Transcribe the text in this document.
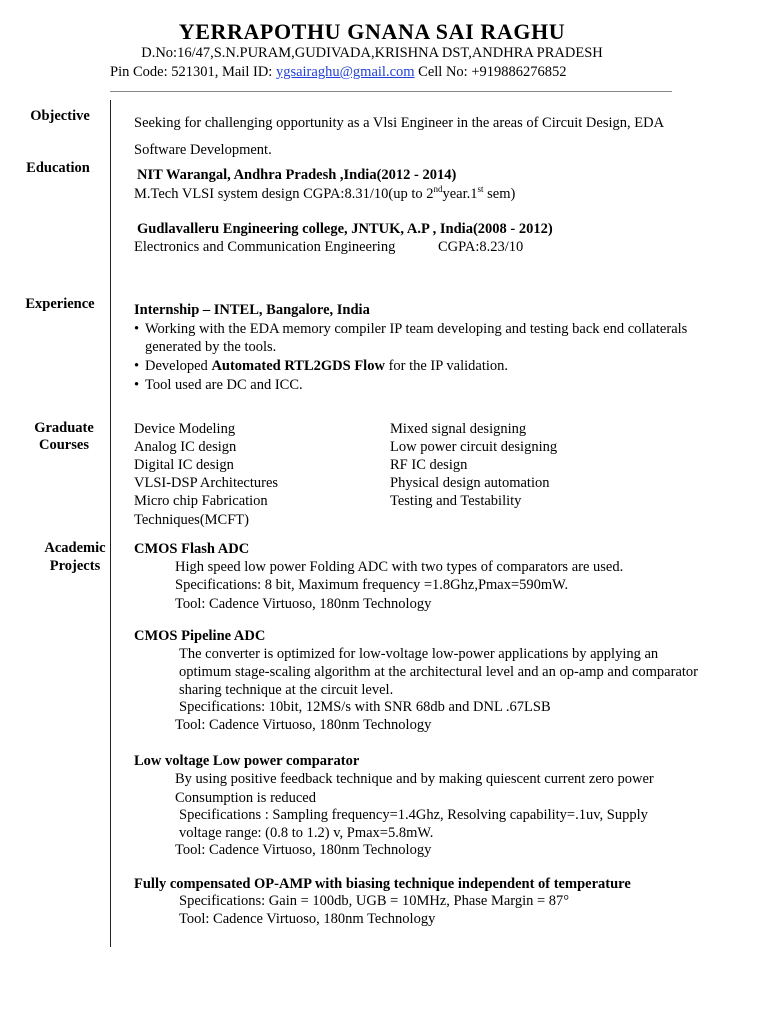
YERRAPOTHU GNANA SAI RAGHU
D.No:16/47,S.N.PURAM,GUDIVADA,KRISHNA DST,ANDHRA PRADESH
Pin Code: 521301, Mail ID: ygsairaghu@gmail.com Cell No: +919886276852
Objective
Education
Experience
Graduate
Courses
Academic
Projects
Seeking for challenging opportunity as a Vlsi Engineer in the areas of Circuit Design, EDA
Software Development.
NIT Warangal, Andhra Pradesh ,India(2012 - 2014)
M.Tech VLSI system design CGPA:8.31/10(up to 2ndyear.1st sem)
Gudlavalleru Engineering college, JNTUK, A.P , India(2008 - 2012)
Electronics and Communication Engineering	CGPA:8.23/10
Internship – INTEL, Bangalore, India
• Working with the EDA memory compiler IP team developing and testing back end collaterals
generated by the tools.
• Developed Automated RTL2GDS Flow for the IP validation.
• Tool used are DC and ICC.
Device Modeling
Analog IC design
Digital IC design
VLSI-DSP Architectures
Micro chip Fabrication
Techniques(MCFT)
Mixed signal designing
Low power circuit designing
RF IC design
Physical design automation
Testing and Testability
CMOS Flash ADC
High speed low power Folding ADC with two types of comparators are used.
Specifications: 8 bit, Maximum frequency =1.8Ghz,Pmax=590mW.
Tool: Cadence Virtuoso, 180nm Technology
CMOS Pipeline ADC
The converter is optimized for low-voltage low-power applications by applying an
optimum stage-scaling algorithm at the architectural level and an op-amp and comparator
sharing technique at the circuit level.
Specifications: 10bit, 12MS/s with SNR 68db and DNL .67LSB
Tool: Cadence Virtuoso, 180nm Technology
Low voltage Low power comparator
By using positive feedback technique and by making quiescent current zero power
Consumption is reduced
Specifications : Sampling frequency=1.4Ghz, Resolving capability=.1uv, Supply
voltage range: (0.8 to 1.2) v, Pmax=5.8mW.
Tool: Cadence Virtuoso, 180nm Technology
Fully compensated OP-AMP with biasing technique independent of temperature
Specifications: Gain = 100db, UGB = 10MHz, Phase Margin = 87°
Tool: Cadence Virtuoso, 180nm Technology
